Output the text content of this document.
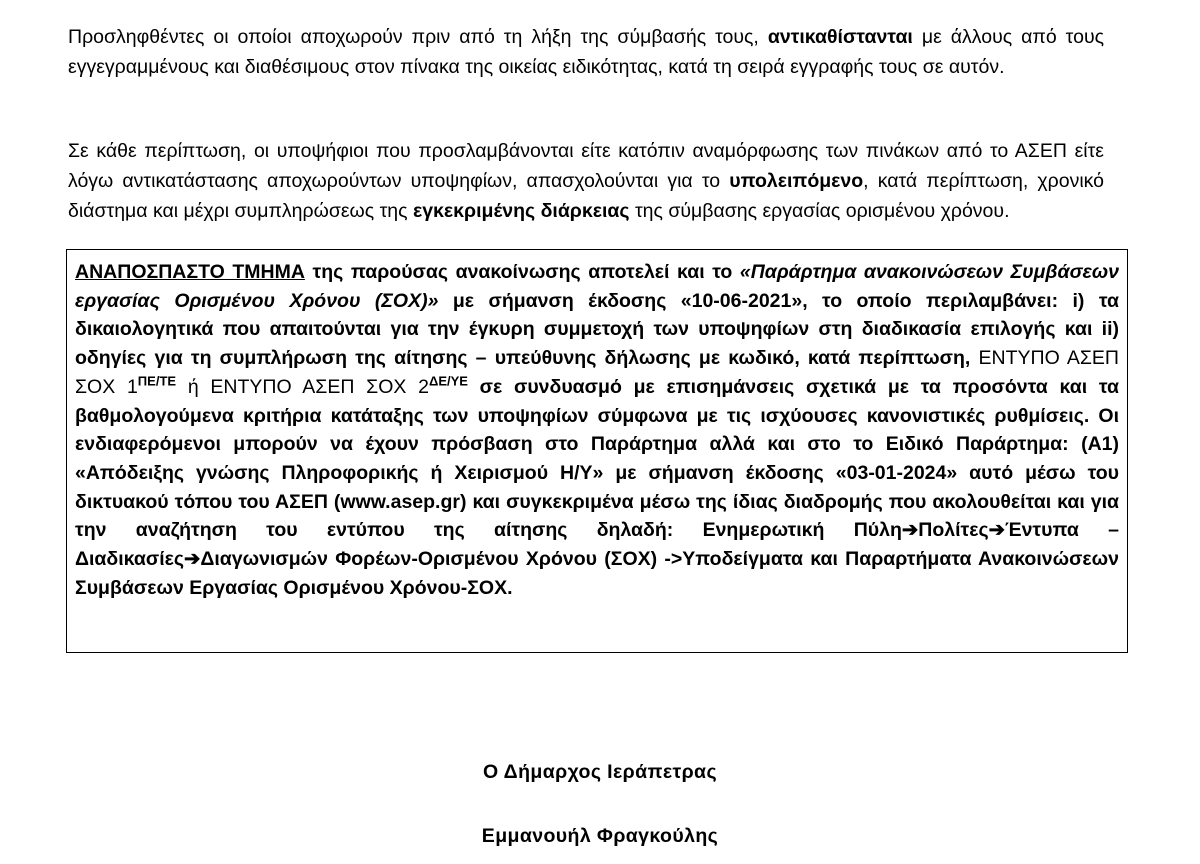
Προσληφθέντες οι οποίοι αποχωρούν πριν από τη λήξη της σύμβασής τους, αντικαθίστανται με άλλους από τους εγγεγραμμένους και διαθέσιμους στον πίνακα της οικείας ειδικότητας, κατά τη σειρά εγγραφής τους σε αυτόν.

Σε κάθε περίπτωση, οι υποψήφιοι που προσλαμβάνονται είτε κατόπιν αναμόρφωσης των πινάκων από το ΑΣΕΠ είτε λόγω αντικατάστασης αποχωρούντων υποψηφίων, απασχολούνται για το υπολειπόμενο, κατά περίπτωση, χρονικό διάστημα και μέχρι συμπληρώσεως της εγκεκριμένης διάρκειας της σύμβασης εργασίας ορισμένου χρόνου.

ΑΝΑΠΟΣΠΑΣΤΟ ΤΜΗΜΑ της παρούσας ανακοίνωσης αποτελεί και το «Παράρτημα ανακοινώσεων Συμβάσεων εργασίας Ορισμένου Χρόνου (ΣΟΧ)» με σήμανση έκδοσης «10-06-2021», το οποίο περιλαμβάνει: i) τα δικαιολογητικά που απαιτούνται για την έγκυρη συμμετοχή των υποψηφίων στη διαδικασία επιλογής και ii) οδηγίες για τη συμπλήρωση της αίτησης – υπεύθυνης δήλωσης με κωδικό, κατά περίπτωση, ΕΝΤΥΠΟ ΑΣΕΠ ΣΟΧ $1^{\Pi E/TE}$ ή ΕΝΤΥΠΟ ΑΣΕΠ ΣΟΧ $2^{\Delta E/\Upsilon E}$ σε συνδυασμό με επισημάνσεις σχετικά με τα προσόντα και τα βαθμολογούμενα κριτήρια κατάταξης των υποψηφίων σύμφωνα με τις ισχύουσες κανονιστικές ρυθμίσεις. Οι ενδιαφερόμενοι μπορούν να έχουν πρόσβαση στο Παράρτημα αλλά και στο το Ειδικό Παράρτημα: (Α1) «Απόδειξης γνώσης Πληροφορικής ή Χειρισμού Η/Υ» με σήμανση έκδοσης «03-01-2024» αυτό μέσω του δικτυακού τόπου του ΑΣΕΠ (www.asep.gr) και συγκεκριμένα μέσω της ίδιας διαδρομής που ακολουθείται και για την αναζήτηση του εντύπου της αίτησης δηλαδή: Ενημερωτική Πύλη➔Πολίτες➔Έντυπα – Διαδικασίες➔Διαγωνισμών Φορέων-Ορισμένου Χρόνου (ΣΟΧ) ->Υποδείγματα και Παραρτήματα Ανακοινώσεων Συμβάσεων Εργασίας Ορισμένου Χρόνου-ΣΟΧ.
Ο Δήμαρχος Ιεράπετρας
Εμμανουήλ Φραγκούλης
